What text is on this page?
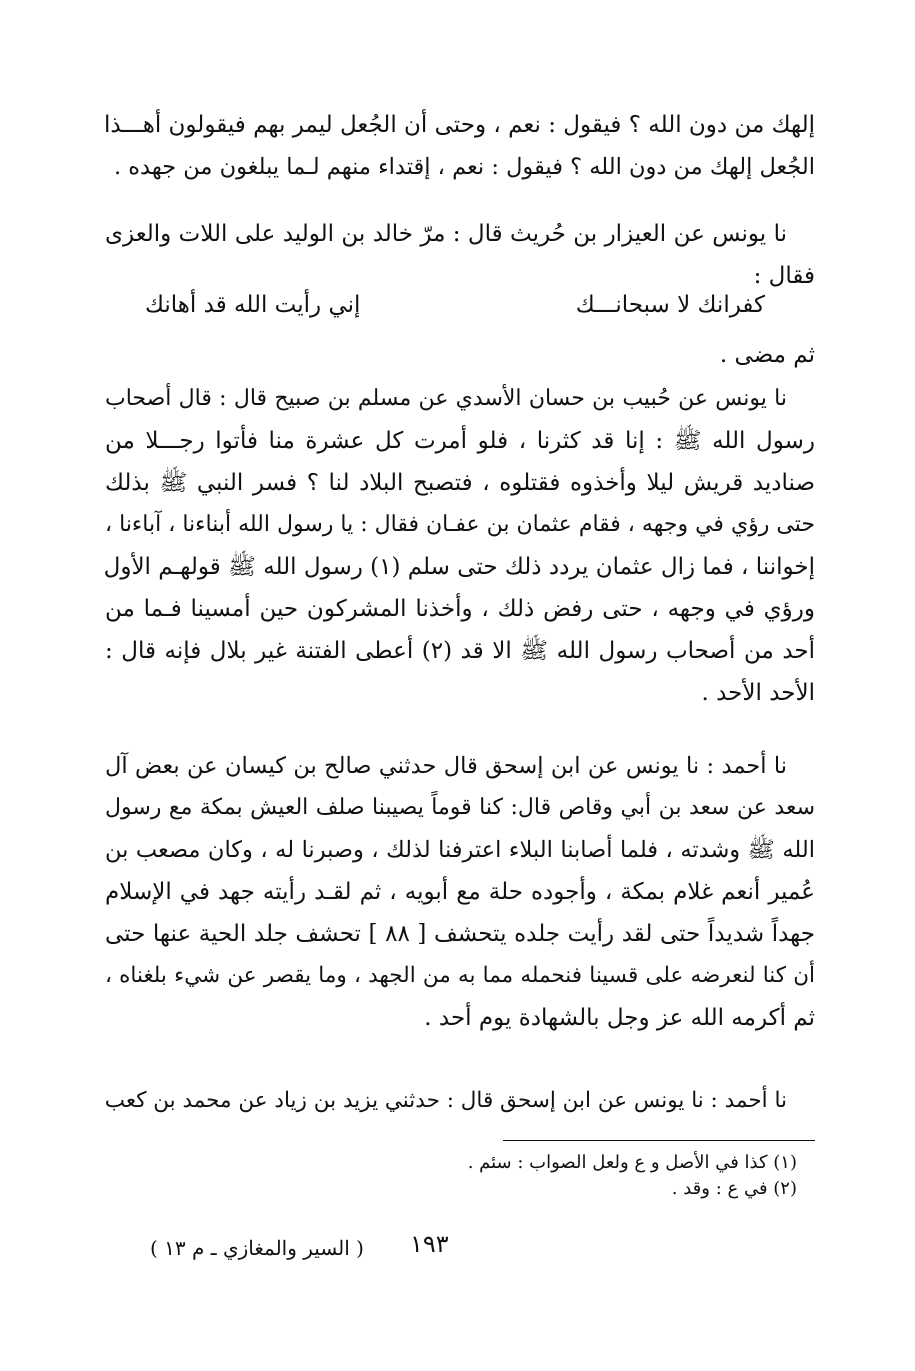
إلهك من دون الله ؟ فيقول : نعم ، وحتى أن الجُعل ليمر بهم فيقولون أهـــذا
الجُعل إلهك من دون الله ؟ فيقول : نعم ، إقتداء منهم لـما يبلغون من جهده .
نا يونس عن العيزار بن حُريث قال : مرّ خالد بن الوليد على اللات والعزى
فقال :
كفرانك لا سبحانـــك
إني رأيت الله قد أهانك
ثم مضى .
نا يونس عن حُبيب بن حسان الأسدي عن مسلم بن صبيح قال : قال أصحاب
رسول الله ﷺ : إنا قد كثرنا ، فلو أمرت كل عشرة منا فأتوا رجـــلا من
صناديد قريش ليلا وأخذوه فقتلوه ، فتصبح البلاد لنا ؟ فسر النبي ﷺ بذلك
حتى رؤي في وجهه ، فقام عثمان بن عفـان فقال : يا رسول الله أبناءنا ، آباءنا ،
إخواننا ، فما زال عثمان يردد ذلك حتى سلم (١) رسول الله ﷺ قولهـم الأول
ورؤي في وجهه ، حتى رفض ذلك ، وأخذنا المشركون حين أمسينا فـما من
أحد من أصحاب رسول الله ﷺ الا قد (٢) أعطى الفتنة غير بلال فإنه قال :
الأحد الأحد .
نا أحمد : نا يونس عن ابن إسحق قال حدثني صالح بن كيسان عن بعض آل
سعد عن سعد بن أبي وقاص قال: كنا قوماً يصيبنا صلف العيش بمكة مع رسول
الله ﷺ وشدته ، فلما أصابنا البلاء اعترفنا لذلك ، وصبرنا له ، وكان مصعب بن
عُمير أنعم غلام بمكة ، وأجوده حلة مع أبويه ، ثم لقـد رأيته جهد في الإسلام
جهداً شديداً حتى لقد رأيت جلده يتحشف [ ٨٨ ] تحشف جلد الحية عنها حتى
أن كنا لنعرضه على قسينا فنحمله مما به من الجهد ، وما يقصر عن شيء بلغناه ،
ثم أكرمه الله عز وجل بالشهادة يوم أحد .
نا أحمد : نا يونس عن ابن إسحق قال : حدثني يزيد بن زياد عن محمد بن كعب
(١) كذا في الأصل و ع ولعل الصواب : سئم .
(٢) في ع : وقد .
١٩٣
( السير والمغازي ـ م ١٣ )
